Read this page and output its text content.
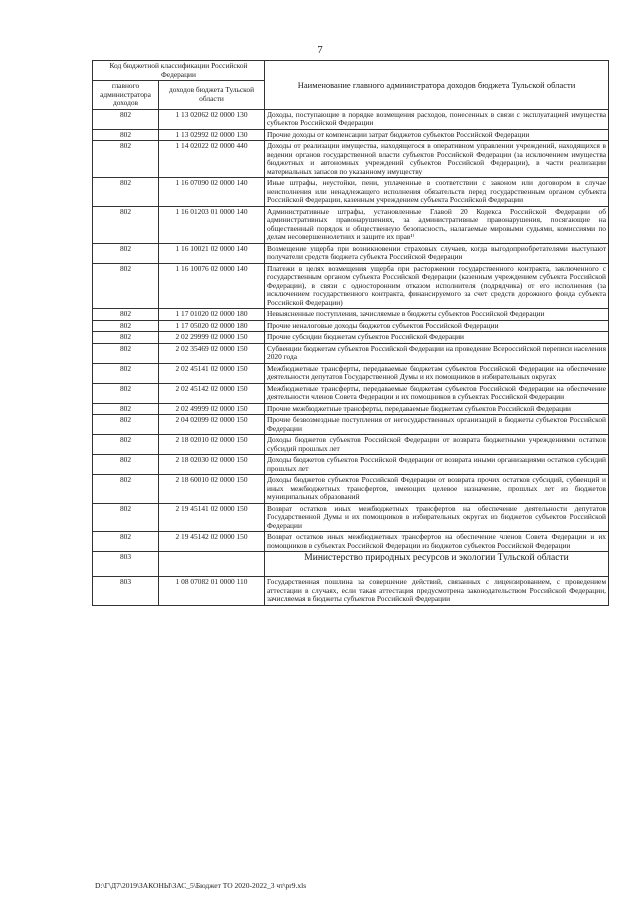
7
Код бюджетной классификации Российской Федерации		Наименование главного администратора доходов бюджета Тульской области
главного администратора доходов	доходов бюджета Тульской области	
802	1 13 02062 02 0000 130	Доходы, поступающие в порядке возмещения расходов, понесенных в связи с эксплуатацией имущества субъектов Российской Федерации
802	1 13 02992 02 0000 130	Прочие доходы от компенсации затрат бюджетов субъектов Российской Федерации
802	1 14 02022 02 0000 440	Доходы от реализации имущества, находящегося в оперативном управлении учреждений, находящихся в ведении органов государственной власти субъектов Российской Федерации (за исключением имущества бюджетных и автономных учреждений субъектов Российской Федерации), в части реализации материальных запасов по указанному имуществу
802	1 16 07090 02 0000 140	Иные штрафы, неустойки, пени, уплаченные в соответствии с законом или договором в случае неисполнения или ненадлежащего исполнения обязательств перед государственным органом субъекта Российской Федерации, казенным учреждением субъекта Российской Федерации
802	1 16 01203 01 0000 140	Административные штрафы, установленные Главой 20 Кодекса Российской Федерации об административных правонарушениях, за административные правонарушения, посягающие на общественный порядок и общественную безопасность, налагаемые мировыми судьями, комиссиями по делам несовершеннолетних и защите их прав¹⁾
802	1 16 10021 02 0000 140	Возмещение ущерба при возникновении страховых случаев, когда выгодоприобретателями выступают получатели средств бюджета субъекта Российской Федерации
802	1 16 10076 02 0000 140	Платежи в целях возмещения ущерба при расторжении государственного контракта, заключенного с государственным органом субъекта Российской Федерации (казенным учреждением субъекта Российской Федерации), в связи с односторонним отказом исполнителя (подрядчика) от его исполнения (за исключением государственного контракта, финансируемого за счет средств дорожного фонда субъекта Российской Федерации)
802	1 17 01020 02 0000 180	Невыясненные поступления, зачисляемые в бюджеты субъектов Российской Федерации
802	1 17 05020 02 0000 180	Прочие неналоговые доходы бюджетов субъектов Российской Федерации
802	2 02 29999 02 0000 150	Прочие субсидии бюджетам субъектов Российской Федерации
802	2 02 35469 02 0000 150	Субвенции бюджетам субъектов Российской Федерации на проведение Всероссийской переписи населения 2020 года
802	2 02 45141 02 0000 150	Межбюджетные трансферты, передаваемые бюджетам субъектов Российской Федерации на обеспечение деятельности депутатов Государственной Думы и их помощников в избирательных округах
802	2 02 45142 02 0000 150	Межбюджетные трансферты, передаваемые бюджетам субъектов Российской Федерации на обеспечение деятельности членов Совета Федерации и их помощников в субъектах Российской Федерации
802	2 02 49999 02 0000 150	Прочие межбюджетные трансферты, передаваемые бюджетам субъектов Российской Федерации
802	2 04 02099 02 0000 150	Прочие безвозмездные поступления от негосударственных организаций в бюджеты субъектов Российской Федерации
802	2 18 02010 02 0000 150	Доходы бюджетов субъектов Российской Федерации от возврата бюджетными учреждениями остатков субсидий прошлых лет
802	2 18 02030 02 0000 150	Доходы бюджетов субъектов Российской Федерации от возврата иными организациями остатков субсидий прошлых лет
802	2 18 60010 02 0000 150	Доходы бюджетов субъектов Российской Федерации от возврата прочих остатков субсидий, субвенций и иных межбюджетных трансфертов, имеющих целевое назначение, прошлых лет из бюджетов муниципальных образований
802	2 19 45141 02 0000 150	Возврат остатков иных межбюджетных трансфертов на обеспечение деятельности депутатов Государственной Думы и их помощников в избирательных округах из бюджетов субъектов Российской Федерации
802	2 19 45142 02 0000 150	Возврат остатков иных межбюджетных трансфертов на обеспечение членов Совета Федерации и их помощников в субъектах Российской Федерации из бюджетов субъектов Российской Федерации
803		Министерство природных ресурсов и экологии Тульской области
803	1 08 07082 01 0000 110	Государственная пошлина за совершение действий, связанных с лицензированием, с проведением аттестации в случаях, если такая аттестация предусмотрена законодательством Российской Федерации, зачисляемая в бюджеты субъектов Российской Федерации
D:\Г\Д7\2019\ЗАКОНЫ\ЗАС_5\Бюджет ТО 2020-2022_3 чт\pr9.xls
